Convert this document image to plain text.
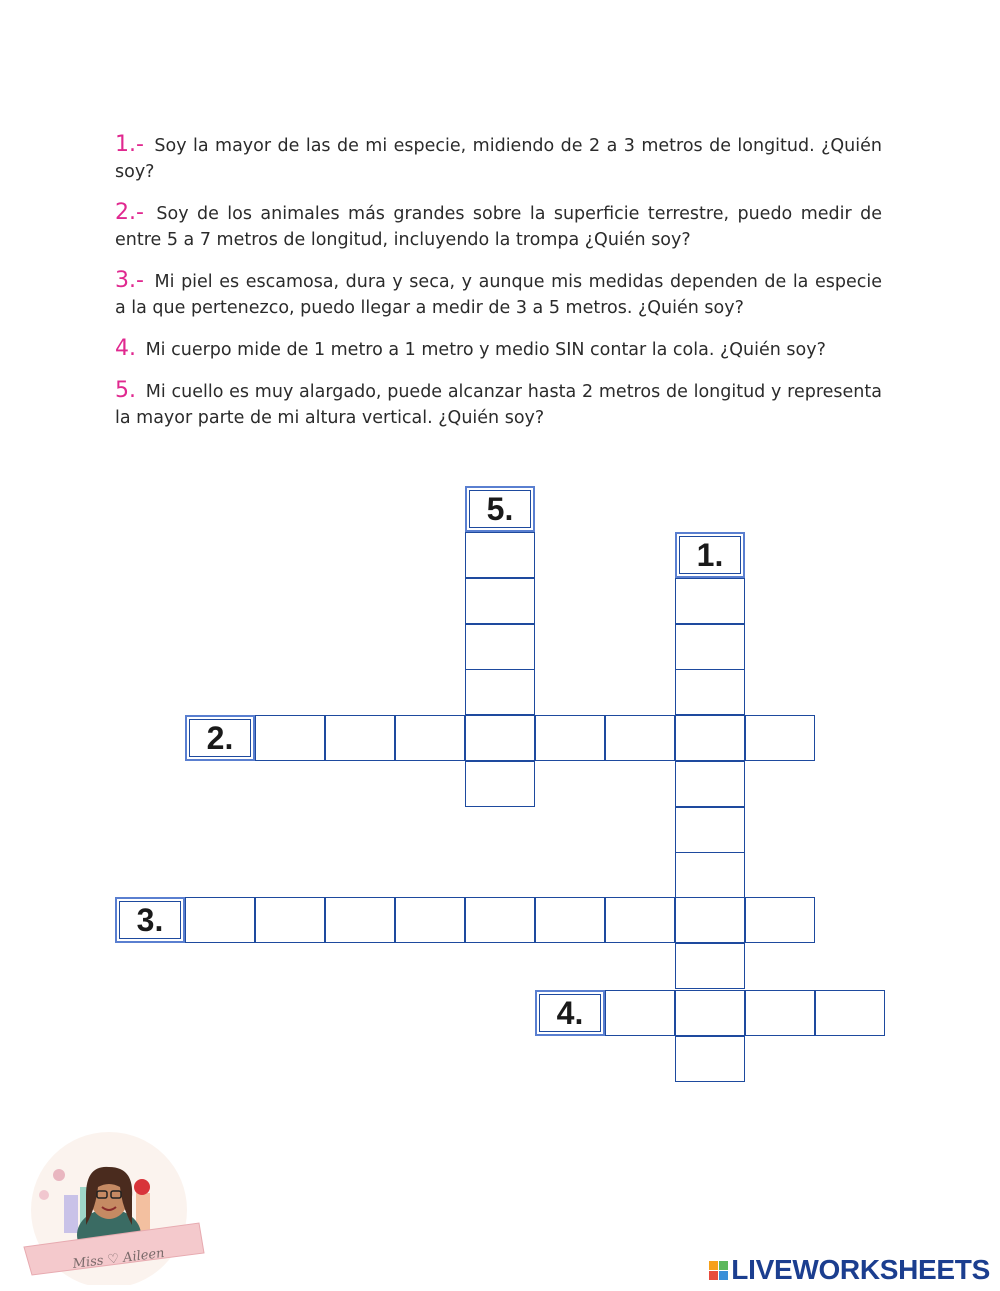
1.- Soy la mayor de las de mi especie, midiendo de 2 a 3 metros de longitud. ¿Quién soy?

2.- Soy de los animales más grandes sobre la superficie terrestre, puedo medir de entre 5 a 7 metros de longitud, incluyendo la trompa ¿Quién soy?

3.- Mi piel es escamosa, dura y seca, y aunque mis medidas dependen de la especie a la que pertenezco, puedo llegar a medir de 3 a 5 metros. ¿Quién soy?

4. Mi cuerpo mide de 1 metro a 1 metro y medio SIN contar la cola. ¿Quién soy?

5. Mi cuello es muy alargado, puede alcanzar hasta 2 metros de longitud y representa la mayor parte de mi altura vertical. ¿Quién soy?

5.
1.
2.
3.
4.
Miss ♡ Aileen	LIVEWORKSHEETS
